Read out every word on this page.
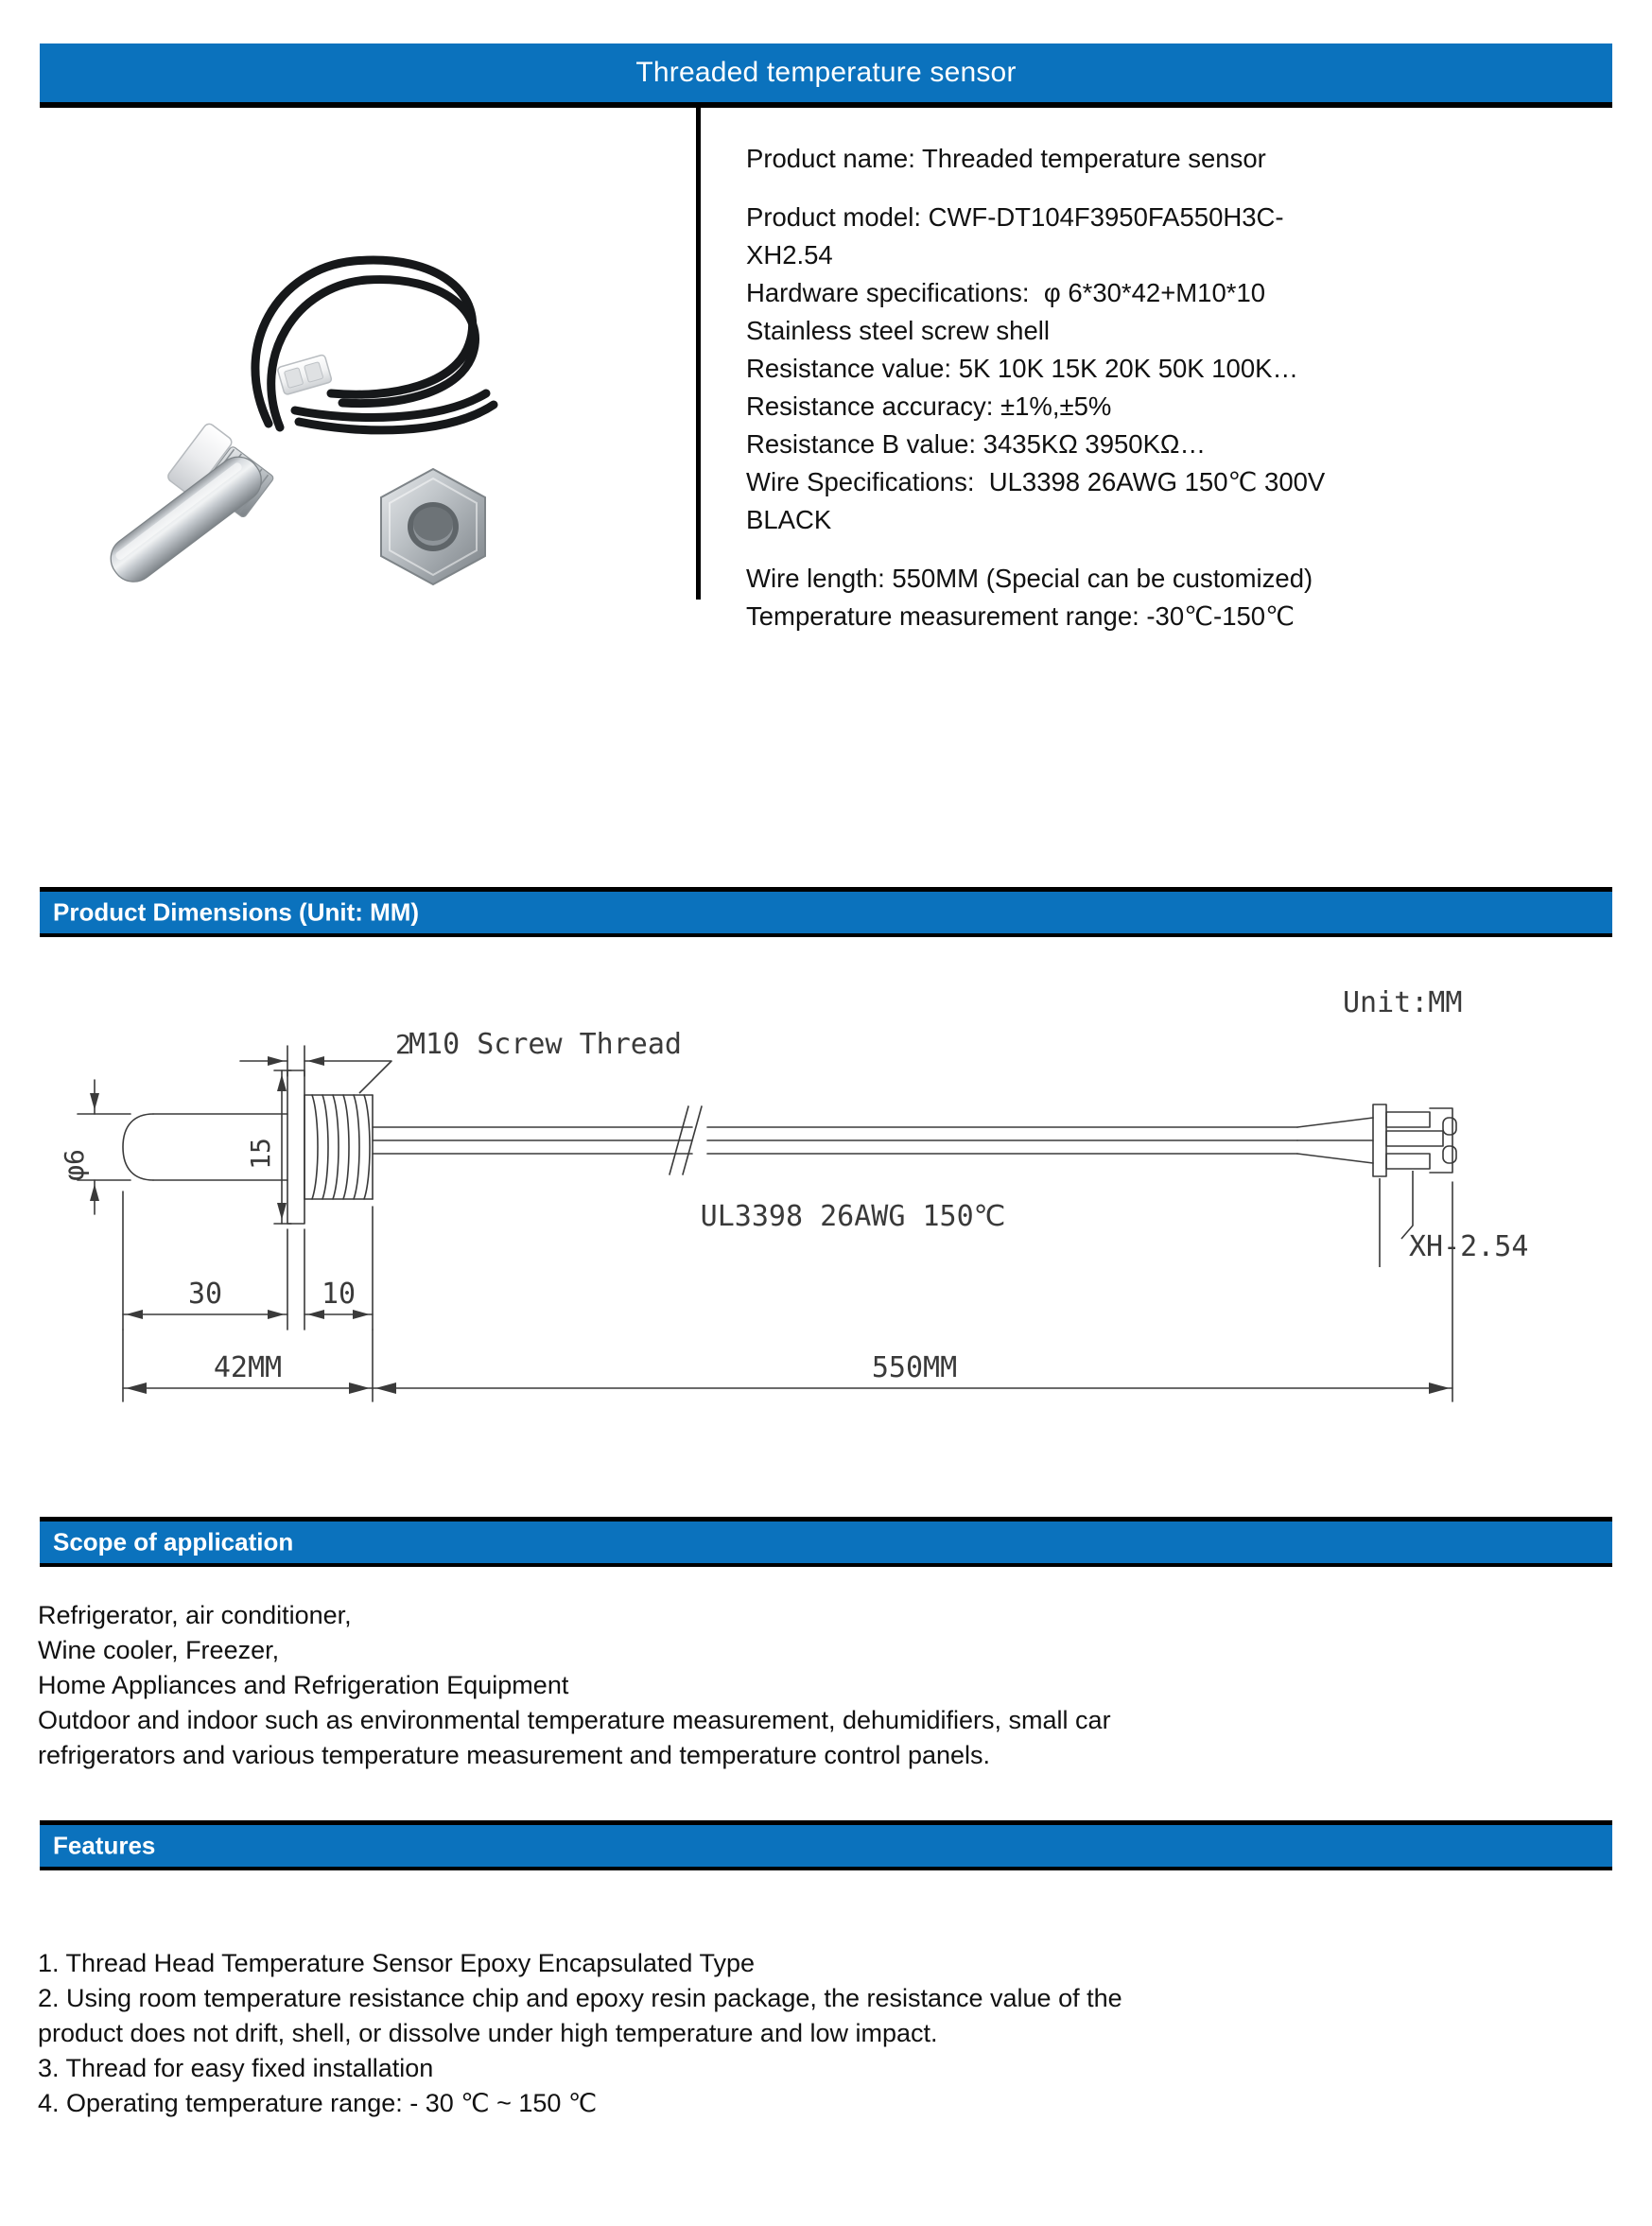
Threaded temperature sensor
Product name: Threaded temperature sensor
Product model: CWF-DT104F3950FA550H3C-
XH2.54
Hardware specifications:  φ 6*30*42+M10*10
Stainless steel screw shell
Resistance value: 5K 10K 15K 20K 50K 100K…
Resistance accuracy: ±1%,±5%
Resistance B value: 3435KΩ 3950KΩ…
Wire Specifications:  UL3398 26AWG 150℃ 300V
BLACK
Wire length: 550MM (Special can be customized)
Temperature measurement range: -30℃-150℃
Product Dimensions (Unit: MM)
φ6
2
15
30	10
M10 Screw Thread
UL3398 26AWG 150℃
XH-2.54
Unit:MM
42MM	550MM
Scope of application
Refrigerator, air conditioner,
Wine cooler, Freezer,
Home Appliances and Refrigeration Equipment
Outdoor and indoor such as environmental temperature measurement, dehumidifiers, small car
refrigerators and various temperature measurement and temperature control panels.
Features
1. Thread Head Temperature Sensor Epoxy Encapsulated Type
2. Using room temperature resistance chip and epoxy resin package, the resistance value of the
product does not drift, shell, or dissolve under high temperature and low impact.
3. Thread for easy fixed installation
4. Operating temperature range: - 30 ℃ ~ 150 ℃
